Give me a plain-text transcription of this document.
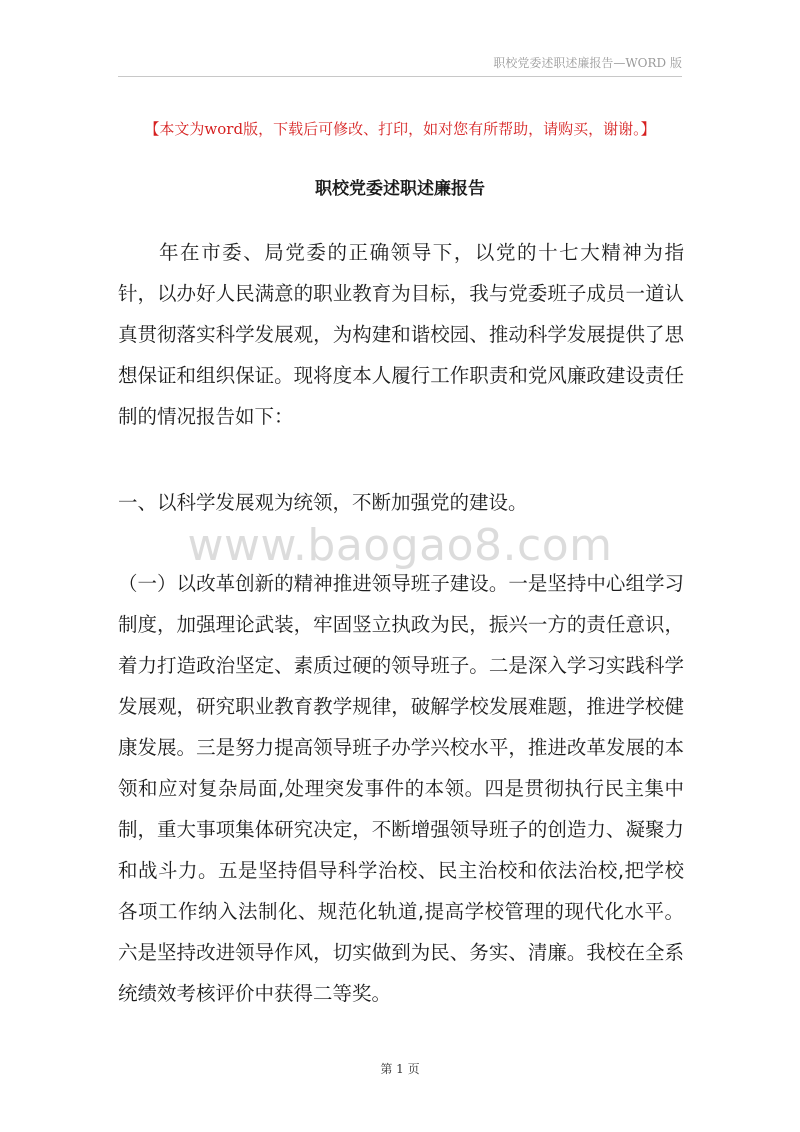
职校党委述职述廉报告—WORD 版
【本文为word版，下载后可修改、打印，如对您有所帮助，请购买，谢谢。】
职校党委述职述廉报告
年在市委、局党委的正确领导下，以党的十七大精神为指针，以办好人民满意的职业教育为目标，我与党委班子成员一道认真贯彻落实科学发展观，为构建和谐校园、推动科学发展提供了思想保证和组织保证。现将度本人履行工作职责和党风廉政建设责任制的情况报告如下：
一、以科学发展观为统领，不断加强党的建设。
www.baogao8.com
（一）以改革创新的精神推进领导班子建设。一是坚持中心组学习制度，加强理论武装，牢固竖立执政为民，振兴一方的责任意识，着力打造政治坚定、素质过硬的领导班子。二是深入学习实践科学发展观，研究职业教育教学规律，破解学校发展难题，推进学校健康发展。三是努力提高领导班子办学兴校水平，推进改革发展的本领和应对复杂局面,处理突发事件的本领。四是贯彻执行民主集中制，重大事项集体研究决定，不断增强领导班子的创造力、凝聚力和战斗力。五是坚持倡导科学治校、民主治校和依法治校,把学校各项工作纳入法制化、规范化轨道,提高学校管理的现代化水平。六是坚持改进领导作风，切实做到为民、务实、清廉。我校在全系统绩效考核评价中获得二等奖。
第 1 页
